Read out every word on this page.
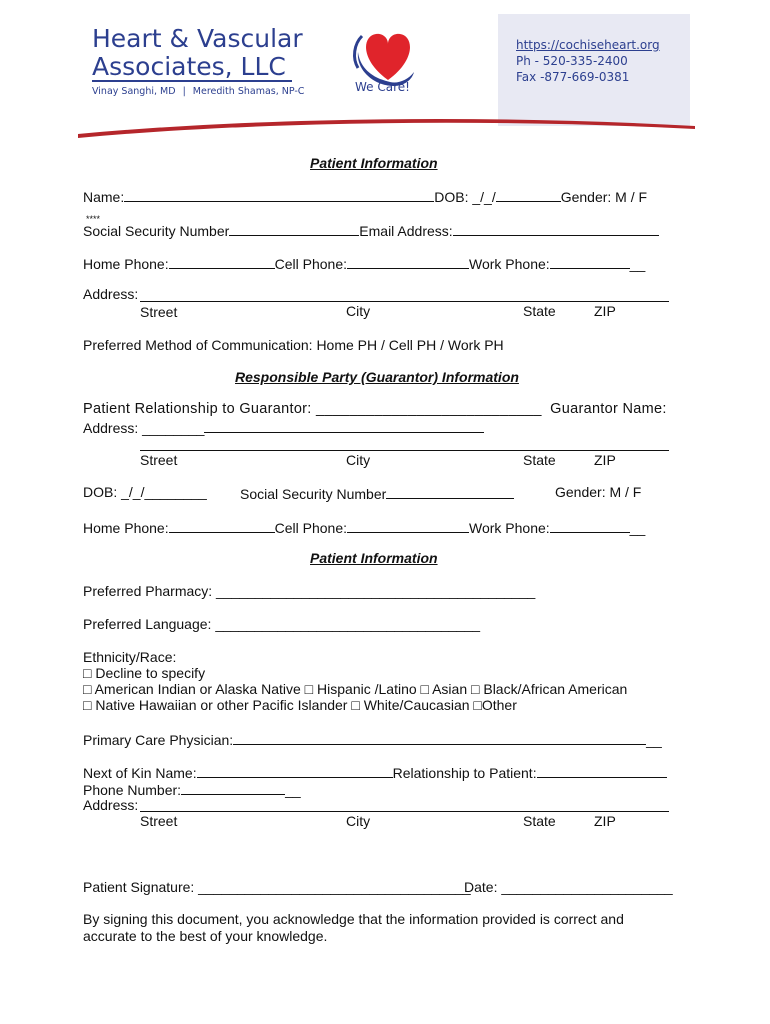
Heart & Vascular
Associates, LLC
Vinay Sanghi, MD | Meredith Shamas, NP-C	We Care!
https://cochiseheart.org
Ph - 520-335-2400
Fax -877-669-0381
Patient Information
Name:	DOB: _/_/	Gender: M / F
****
Social Security Number	Email Address:
Home Phone:	Cell Phone:	Work Phone:	__
Address:
Street	City	State	ZIP
Preferred Method of Communication: Home PH / Cell PH / Work PH
Responsible Party (Guarantor) Information
Patient Relationship to Guarantor: ___________________________ Guarantor Name:
Address: ________
Street	City	State	ZIP
DOB: _/_/________ Social Security Number	Gender: M / F
Home Phone:	Cell Phone:	Work Phone:	__
Patient Information
Preferred Pharmacy: _________________________________________
Preferred Language: __________________________________
Ethnicity/Race:
□ Decline to specify
□ American Indian or Alaska Native □ Hispanic /Latino □ Asian □ Black/African American
□ Native Hawaiian or other Pacific Islander □ White/Caucasian □Other
Primary Care Physician:	__
Next of Kin Name:	Relationship to Patient:
Phone Number:	__
Address:
Street	City	State	ZIP
Patient Signature: ___________________________________
Date: ______________________
By signing this document, you acknowledge that the information provided is correct and
accurate to the best of your knowledge.
